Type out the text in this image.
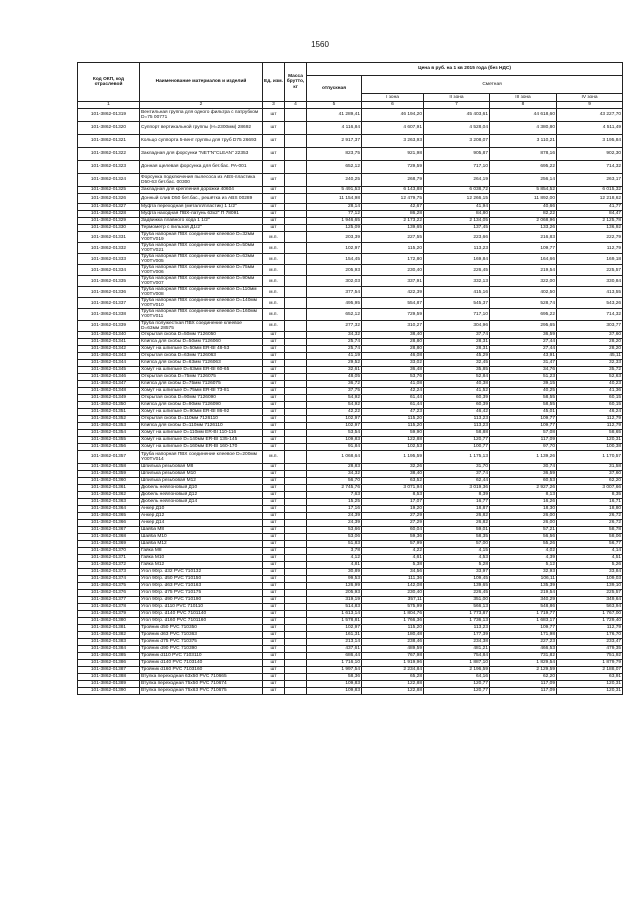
1560
Код ОКП, код отраслевой	Наименование материалов и изделий	Ед. изм.	Масса брутто, кг	Цена в руб. на 1 кв 2015 года (без НДС)				
				отпускная	Сметная			
					I зона	II зона	III зона	IV зона
1	2	3	4	5	6	7	8	9
101-3862-01319	Вентильная группа для одного фильтра с патрубком D=75 00771	шт		41 289,41	46 194,20	45 403,61	44 618,60	43 227,70
101-3862-01320	Суппорт вертикальной группы (Н=2300мм) 28692	шт		4 116,84	4 607,91	4 528,04	4 380,80	4 511,49
101-3862-01321	Кольцо суппорта 5-вент группы для труб D75 26693	шт		2 917,37	3 263,93	3 208,07	3 110,21	3 195,84
101-3862-01322	Закладная для форсунки "NET'N"CLEAN" 22353	шт		823,75	921,98	905,87	878,16	902,30
101-3862-01323	Донная щелевая форсунка для бет.бас. PA-001	шт		652,12	729,59	717,10	695,22	714,32
101-3862-01324	Форсунка подключения пылесоса из ABS-пластика D50-63 бет.бас. 00300	шт		240,25	268,79	264,19	256,14	263,17
101-3862-01325	Закладная для крепления дорожки 40604	шт		5 491,53	6 143,88	6 038,72	5 854,52	6 015,32
101-3862-01326	Донный слив D50 бет.бас., решётка из ABS 00289	шт		11 154,98	12 479,75	12 266,15	11 892,00	12 218,62
101-3862-01327	Муфта переходная (металл/пластик) 1 1/2"	шт		28,14	42,67	41,94	40,66	41,77
101-3862-01328	Муфта находная ПВХ-латунь 63х2" П 78091	шт		77,12	86,28	84,80	82,22	84,47
101-3862-01329	Задвижка плавного хода 1 1/2"	шт		1 946,65	2 173,22	2 134,05	2 068,96	2 125,78
101-3862-01330	Термометр с пильзой Д1/2"	шт		125,09	139,65	137,45	133,26	136,92
101-3862-01331	Труба напорная ПВХ соединение клеевое D=32мм Y00TV019	м.п.		203,39	227,55	223,66	216,83	222,79
101-3862-01332	Труба напорная ПВХ соединение клеевое D=50мм Y00TV021	м.п.		102,97	115,20	113,23	109,77	112,79
101-3862-01333	Труба напорная ПВХ соединение клеевое D=63мм Y00TV005	м.п.		154,45	172,80	169,84	164,66	169,18
101-3862-01334	Труба напорная ПВХ соединение клеевое D=75мм Y00TV006	м.п.		205,93	230,40	226,45	219,54	225,57
101-3862-01335	Труба напорная ПВХ соединение клеевое D=90мм Y00TV007	м.п.		302,03	337,91	332,13	322,00	330,84
101-3862-01336	Труба напорная ПВХ соединение клеевое D=110мм Y00TV008	м.п.		377,54	422,39	415,16	402,50	413,55
101-3862-01337	Труба напорная ПВХ соединение клеевое D=140мм Y00TV010	м.п.		495,95	554,87	545,37	528,74	543,26
101-3862-01338	Труба напорная ПВХ соединение клеевое D=160мм Y00TV011	м.п.		652,12	729,59	717,10	695,22	714,32
101-3862-01339	Труба полужесткая ПВХ соединение клеевое D=63мм 28575	м.п.		277,32	310,27	304,96	295,65	303,77
101-3862-01340	Открытая скоба D=50мм 7126050	шт		34,32	38,40	37,74	36,59	37,60
101-3862-01341	Клипса для скобы D=50мм 7126060	шт		25,74	28,80	28,31	27,44	28,20
101-3862-01342	Хомут на шпильке D=50мм ER-BI 48-53	шт		25,74	28,80	28,31	27,44	28,20
101-3862-01343	Открытая скоба D=63мм 7126063	шт		41,19	46,08	45,29	43,91	45,11
101-3862-01344	Клипса для скобы D=63мм 7126063	шт		29,52	33,02	32,45	31,47	32,33
101-3862-01345	Хомут на шпильке D=63мм ER-BI 60-65	шт		32,61	36,48	35,85	34,76	35,72
101-3862-01346	Открытая скоба D=75мм 7126075	шт		48,05	53,76	52,84	51,23	52,63
101-3862-01347	Клипса для скобы D=75мм 7126075	шт		36,72	41,08	40,38	39,15	40,23
101-3862-01348	Хомут на шпильке D=75мм ER-BI 73-81	шт		37,75	42,24	41,52	40,25	41,36
101-3862-01349	Открытая скоба D=90мм 7126090	шт		54,92	61,44	60,39	58,55	60,15
101-3862-01350	Клипса для скобы D=90мм 7126090	шт		54,92	61,44	60,39	58,55	60,15
101-3862-01351	Хомут на шпильке D=90мм ER-BI 86-92	шт		42,22	47,23	46,42	45,01	46,24
101-3862-01352	Открытая скоба D=110мм 7126110	шт		102,97	115,20	113,23	109,77	112,79
101-3862-01353	Клипса для скобы D=110мм 7126110	шт		102,97	115,20	113,23	109,77	112,79
101-3862-01354	Хомут на шпильке D=110мм ER-BI 110-116	шт		53,54	59,90	58,88	57,08	58,65
101-3862-01355	Хомут на шпильке D=140мм ER-BI 135-145	шт		109,83	122,88	120,77	117,09	120,31
101-3862-01356	Хомут на шпильке D=160мм ER-BI 160-170	шт		91,84	102,53	100,77	97,70	100,38
101-3862-01357	Труба напорная ПВХ соединение клеевое D=200мм Y00TV014	м.п.		1 068,64	1 195,59	1 175,13	1 139,26	1 170,57
101-3862-01358	Шпилька резьбовая М8	шт		28,83	32,26	31,70	30,74	31,58
101-3862-01359	Шпилька резьбовая М10	шт		34,32	38,40	37,74	36,59	37,60
101-3862-01360	Шпилька резьбовая М12	шт		56,70	63,52	62,44	60,53	62,20
101-3862-01361	Дюбель нейлоновый Д10	шт		2 745,76	3 071,94	3 019,36	2 927,26	3 007,66
101-3862-01362	Дюбель нейлоновый Д12	шт		7,63	8,53	8,39	8,13	8,35
101-3862-01363	Дюбель нейлоновый Д14	шт		15,25	17,07	16,77	16,26	16,71
101-3862-01364	Анкер Д10	шт		17,16	19,20	18,87	18,30	18,80
101-3862-01365	Анкер Д12	шт		24,39	27,29	26,82	26,00	26,72
101-3862-01366	Анкер Д14	шт		24,39	27,29	26,82	26,00	26,72
101-3862-01367	Шайба М8	шт		53,66	60,04	59,01	57,21	58,78
101-3862-01368	Шайба М10	шт		53,06	59,36	58,35	56,56	58,06
101-3862-01369	Шайба М12	шт		51,83	57,99	57,00	55,26	56,77
101-3862-01370	Гайка М8	шт		3,78	4,22	4,15	4,02	4,14
101-3862-01371	Гайка М10	шт		4,12	4,61	4,53	4,39	4,51
101-3862-01372	Гайка М12	шт		4,81	5,38	5,28	5,12	5,26
101-3862-01373	Угол 90гр. d32 PVC 710132	шт		30,89	34,56	33,97	32,93	33,84
101-3862-01374	Угол 90гр. d50 PVC 710150	шт		99,53	111,36	109,45	106,11	109,03
101-3862-01375	Угол 90гр. d63 PVC 710163	шт		126,99	142,08	139,65	135,39	139,10
101-3862-01376	Угол 90гр. d75 PVC 710175	шт		205,93	230,40	226,45	219,54	225,57
101-3862-01377	Угол 90гр. d90 PVC 710190	шт		319,19	357,11	351,00	340,29	349,64
101-3862-01378	Угол 90гр. d110 PVC 710110	шт		514,83	575,99	566,13	548,86	563,94
101-3862-01379	Угол 90гр. d140 PVC 7101140	шт		1 613,14	1 804,76	1 773,87	1 719,77	1 767,00
101-3862-01380	Угол 90гр. d160 PVC 7101160	шт		1 578,81	1 766,36	1 736,13	1 683,17	1 729,40
101-3862-01381	Тройник d50 PVC 710350	шт		102,97	115,20	113,23	109,77	112,79
101-3862-01382	Тройник d63 PVC 710363	шт		161,31	180,48	177,39	171,98	176,70
101-3862-01383	Тройник d75 PVC 710375	шт		213,14	238,46	234,38	227,23	233,47
101-3862-01384	Тройник d90 PVC 710390	шт		437,61	489,59	481,21	466,53	479,35
101-3862-01385	Тройник d110 PVC 7103110	шт		686,44	767,98	754,84	731,82	751,92
101-3862-01386	Тройник d140 PVC 7103140	шт		1 716,10	1 919,96	1 887,10	1 829,54	1 879,79
101-3862-01387	Тройник d160 PVC 7103160	шт		1 997,54	2 234,84	2 196,59	2 129,59	2 188,07
101-3862-01388	Втулка переходная 63х50 PVC 710665	шт		58,36	65,28	64,16	62,20	63,91
101-3862-01389	Втулка переходная 75х50 PVC 710674	шт		109,83	122,88	120,77	117,09	120,31
101-3862-01390	Втулка переходная 75х63 PVC 710675	шт		109,83	122,88	120,77	117,09	120,31
